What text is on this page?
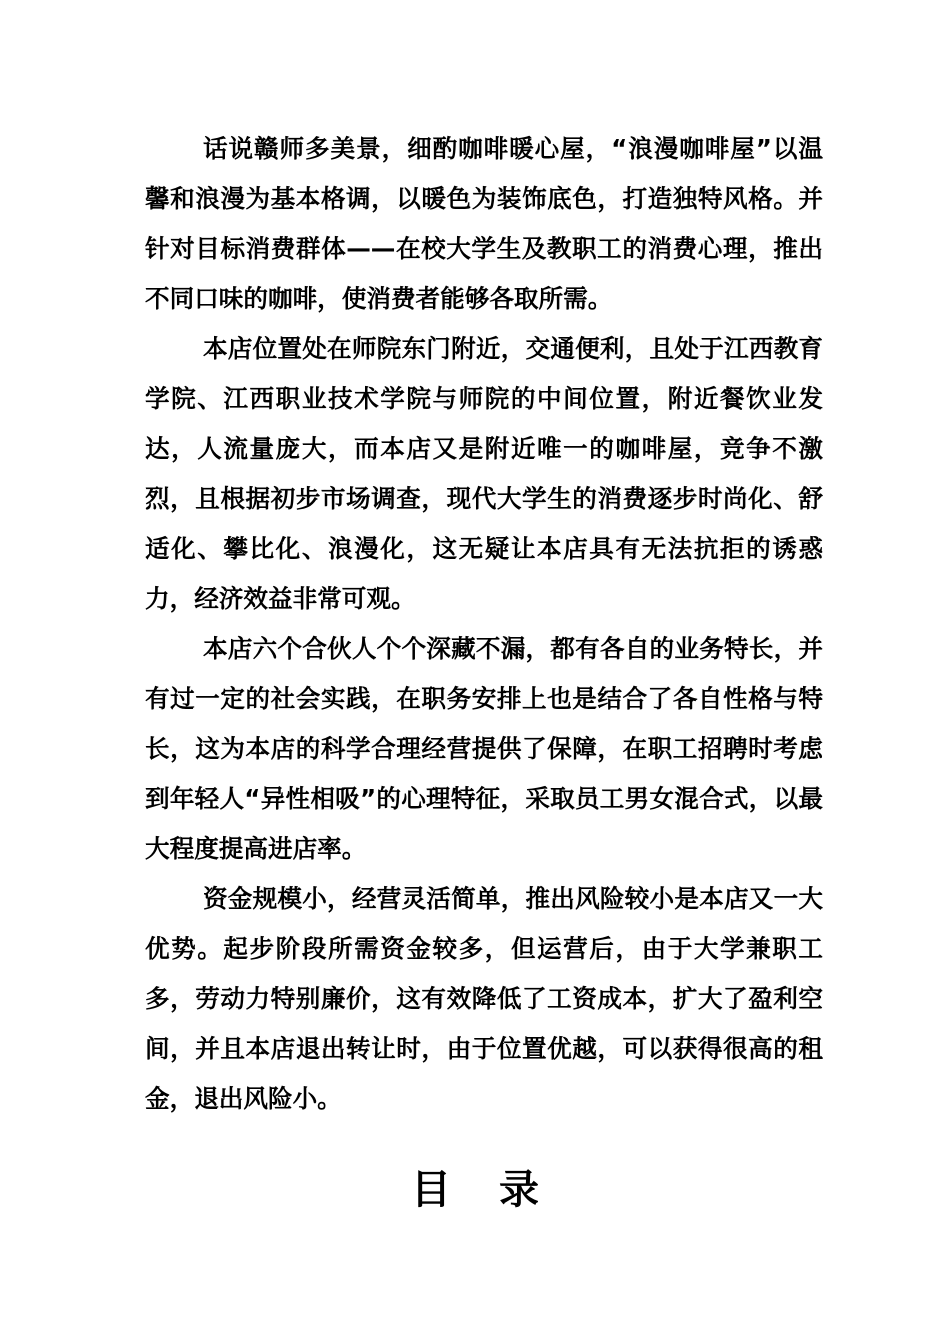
话说赣师多美景，细酌咖啡暖心屋，“浪漫咖啡屋”以温馨和浪漫为基本格调，以暖色为装饰底色，打造独特风格。并针对目标消费群体——在校大学生及教职工的消费心理，推出不同口味的咖啡，使消费者能够各取所需。

本店位置处在师院东门附近，交通便利，且处于江西教育学院、江西职业技术学院与师院的中间位置，附近餐饮业发达，人流量庞大，而本店又是附近唯一的咖啡屋，竞争不激烈，且根据初步市场调查，现代大学生的消费逐步时尚化、舒适化、攀比化、浪漫化，这无疑让本店具有无法抗拒的诱惑力，经济效益非常可观。

本店六个合伙人个个深藏不漏，都有各自的业务特长，并有过一定的社会实践，在职务安排上也是结合了各自性格与特长，这为本店的科学合理经营提供了保障，在职工招聘时考虑到年轻人“异性相吸”的心理特征，采取员工男女混合式，以最大程度提高进店率。

资金规模小，经营灵活简单，推出风险较小是本店又一大优势。起步阶段所需资金较多，但运营后，由于大学兼职工多，劳动力特别廉价，这有效降低了工资成本，扩大了盈利空间，并且本店退出转让时，由于位置优越，可以获得很高的租金，退出风险小。

目 录
